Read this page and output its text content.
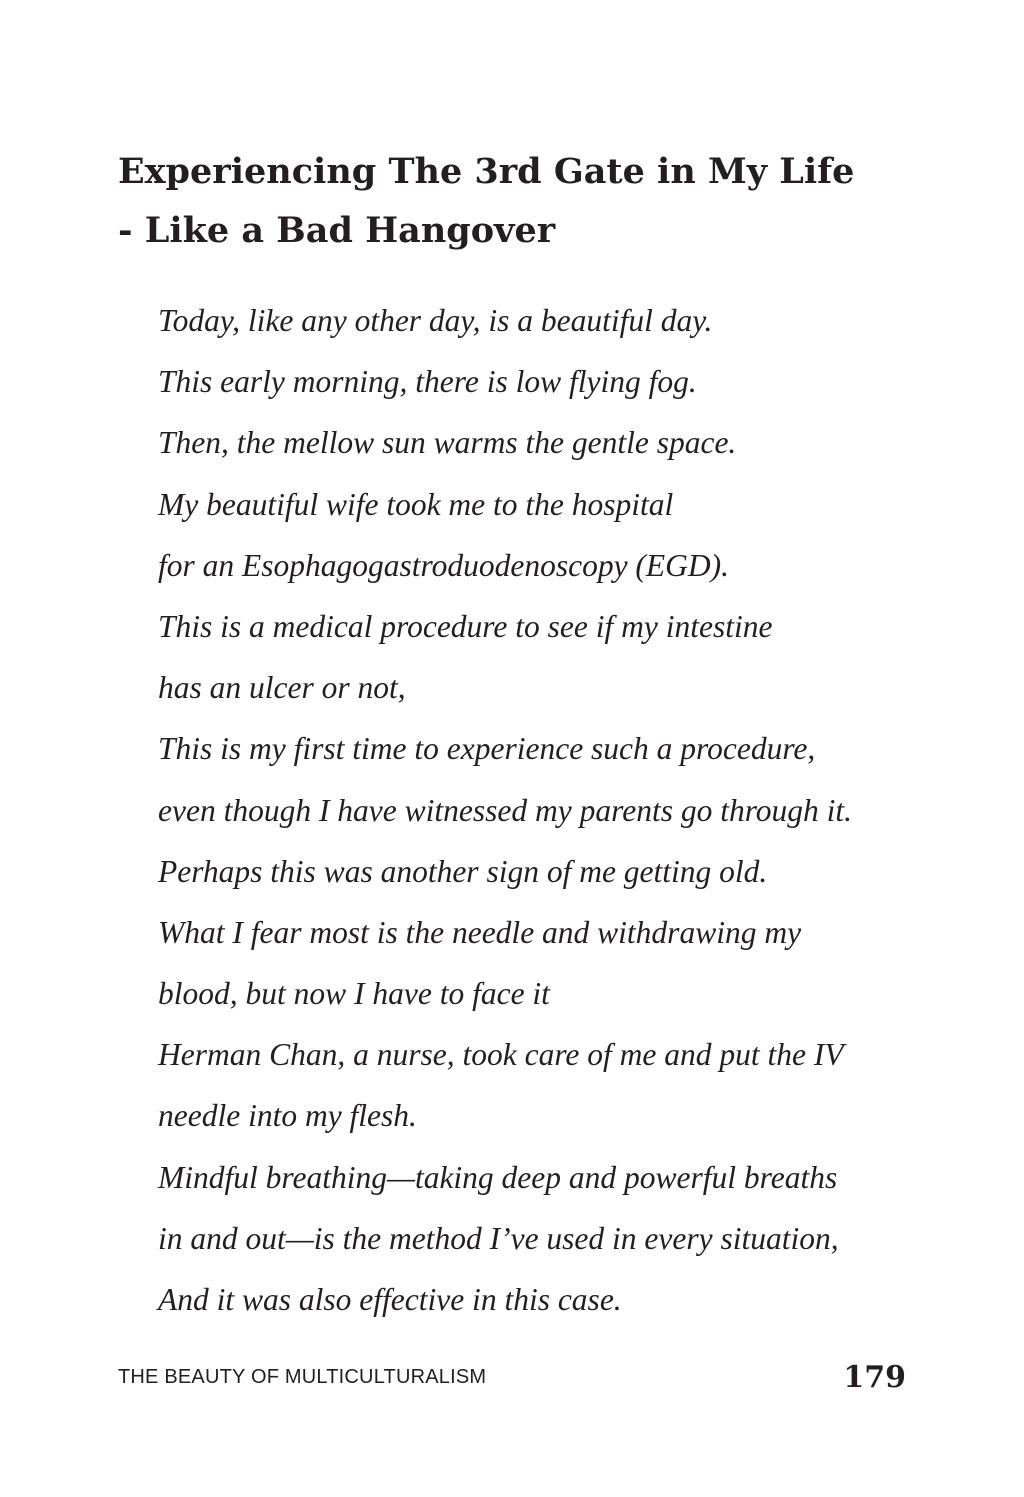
Experiencing The 3rd Gate in My Life
- Like a Bad Hangover
Today, like any other day, is a beautiful day.
This early morning, there is low flying fog.
Then, the mellow sun warms the gentle space.
My beautiful wife took me to the hospital
for an Esophagogastroduodenoscopy (EGD).
This is a medical procedure to see if my intestine
has an ulcer or not,
This is my first time to experience such a procedure,
even though I have witnessed my parents go through it.
Perhaps this was another sign of me getting old.
What I fear most is the needle and withdrawing my
blood, but now I have to face it
Herman Chan, a nurse, took care of me and put the IV
needle into my flesh.
Mindful breathing—taking deep and powerful breaths
in and out—is the method I’ve used in every situation,
And it was also effective in this case.
THE BEAUTY OF MULTICULTURALISM	179
